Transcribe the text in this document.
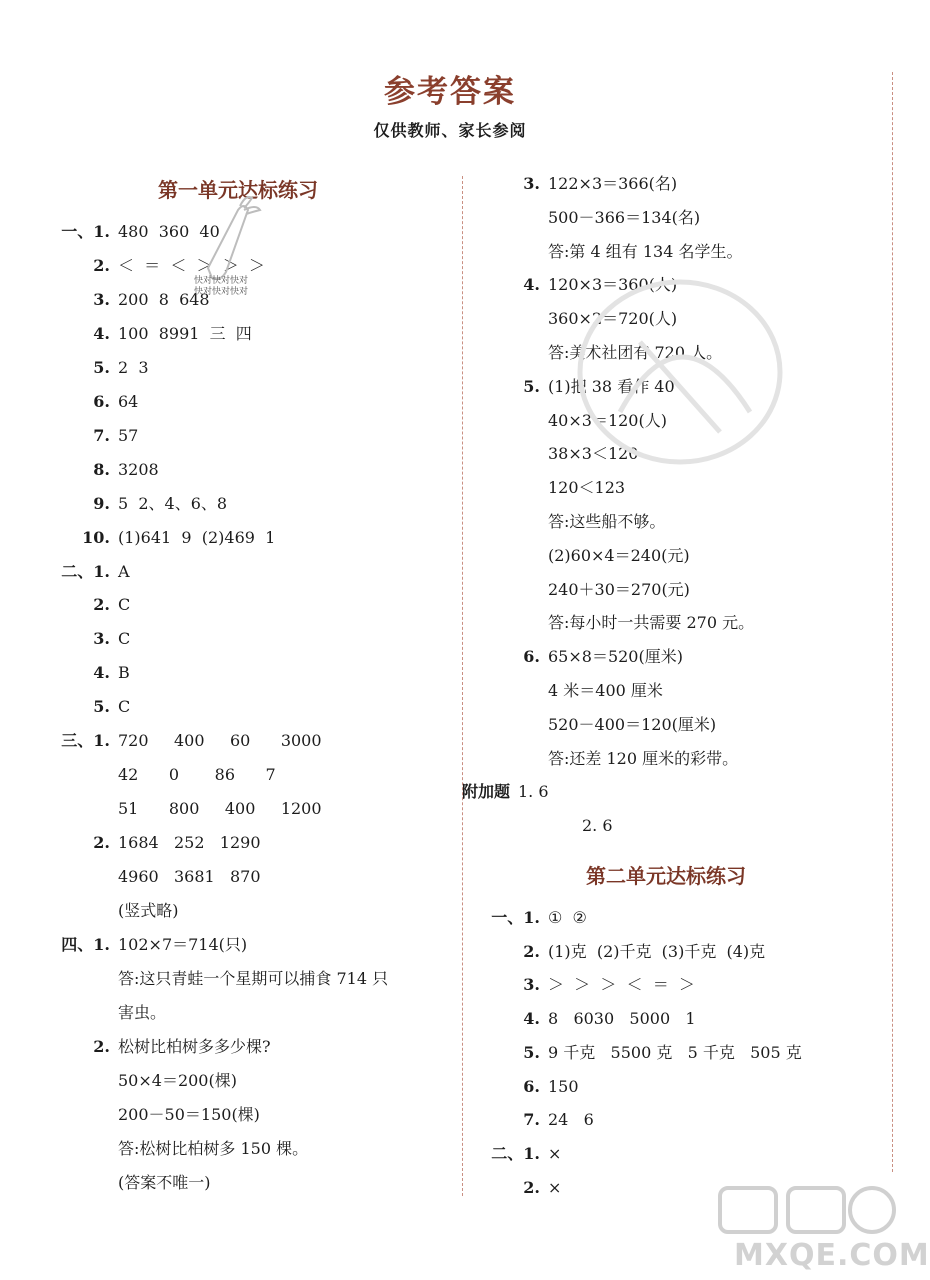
参考答案
仅供教师、家长参阅
第一单元达标练习
第二单元达标练习
一、1. 480  360  40
2. ＜  ＝  ＜  ＞  ＞  ＞
3. 200  8  648
4. 100  8991  三  四
5. 2  3
6. 64
7. 57
8. 3208
9. 5  2、4、6、8
10. (1)641  9  (2)469  1
二、1. A
2. C
3. C
4. B
5. C
三、1. 720     400     60      3000
42      0       86      7
51      800     400     1200
2. 1684   252   1290
4960   3681   870
(竖式略)
四、1. 102×7＝714(只)
答:这只青蛙一个星期可以捕食 714 只
害虫。
2. 松树比柏树多多少棵?
50×4＝200(棵)
200－50＝150(棵)
答:松树比柏树多 150 棵。
(答案不唯一)
3. 122×3＝366(名)
500－366＝134(名)
答:第 4 组有 134 名学生。
4. 120×3＝360(人)
360×2＝720(人)
答:美术社团有 720 人。
5. (1)把 38 看作 40
40×3＝120(人)
38×3＜120
120＜123
答:这些船不够。
(2)60×4＝240(元)
240＋30＝270(元)
答:每小时一共需要 270 元。
6. 65×8＝520(厘米)
4 米＝400 厘米
520－400＝120(厘米)
答:还差 120 厘米的彩带。
附加题 1. 6
2. 6
一、1. ①  ②
2. (1)克  (2)千克  (3)千克  (4)克
3. ＞  ＞  ＞  ＜  ＝  ＞
4. 8   6030   5000   1
5. 9 千克   5500 克   5 千克   505 克
6. 150
7. 24   6
二、1. ×
2. ×
快对快对快对
快对快对快对
MXQE.COM
